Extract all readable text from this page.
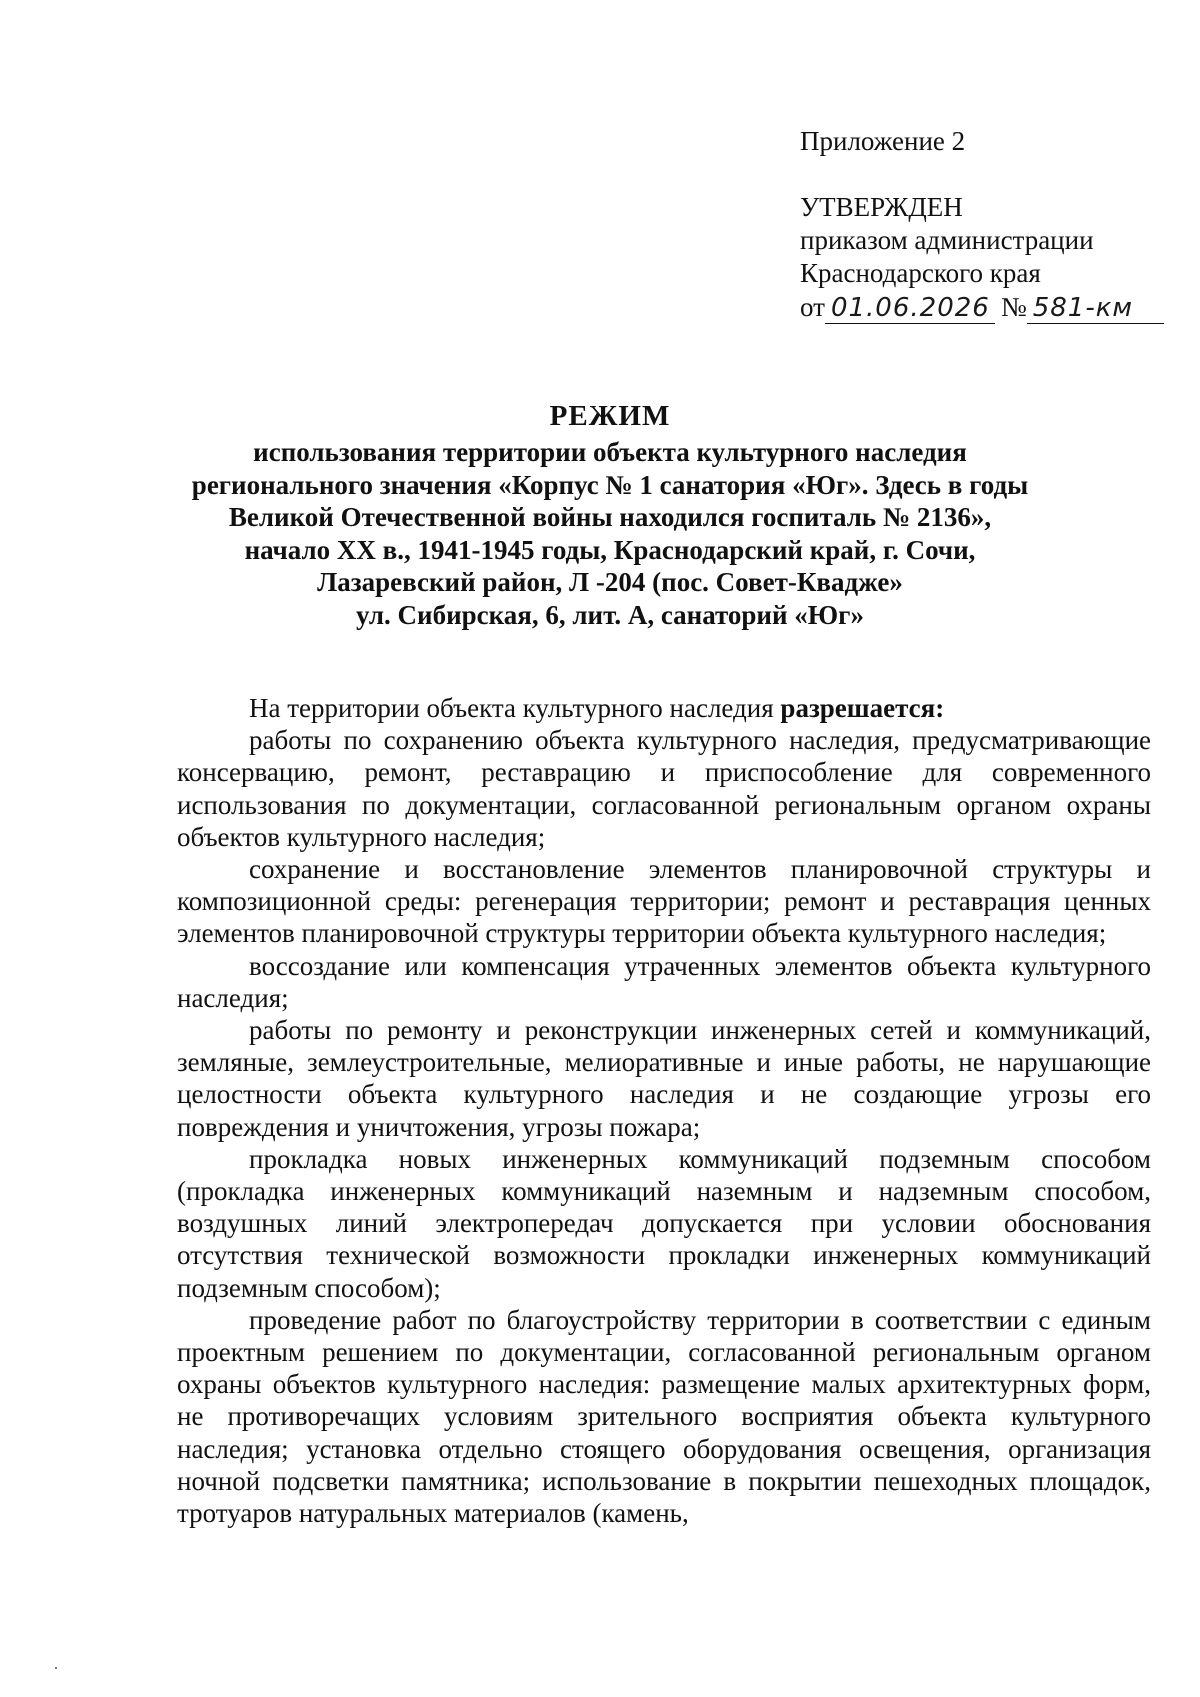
Приложение 2
УТВЕРЖДЕН
приказом администрации
Краснодарского края
от 01.06.2026 № 581-км
РЕЖИМ
использования территории объекта культурного наследия
регионального значения «Корпус № 1 санатория «Юг». Здесь в годы
Великой Отечественной войны находился госпиталь № 2136»,
начало XX в., 1941-1945 годы, Краснодарский край, г. Сочи,
Лазаревский район, Л -204 (пос. Совет-Квадже»
ул. Сибирская, 6, лит. А, санаторий «Юг»

На территории объекта культурного наследия разрешается:

работы по сохранению объекта культурного наследия, предусматривающие консервацию, ремонт, реставрацию и приспособление для современного использования по документации, согласованной региональным органом охраны объектов культурного наследия;

сохранение и восстановление элементов планировочной структуры и композиционной среды: регенерация территории; ремонт и реставрация ценных элементов планировочной структуры территории объекта культурного наследия;

воссоздание или компенсация утраченных элементов объекта культурного наследия;

работы по ремонту и реконструкции инженерных сетей и коммуникаций, земляные, землеустроительные, мелиоративные и иные работы, не нарушающие целостности объекта культурного наследия и не создающие угрозы его повреждения и уничтожения, угрозы пожара;

прокладка новых инженерных коммуникаций подземным способом (прокладка инженерных коммуникаций наземным и надземным способом, воздушных линий электропередач допускается при условии обоснования отсутствия технической возможности прокладки инженерных коммуникаций подземным способом);

проведение работ по благоустройству территории в соответствии с единым проектным решением по документации, согласованной региональным органом охраны объектов культурного наследия: размещение малых архитектурных форм, не противоречащих условиям зрительного восприятия объекта культурного наследия; установка отдельно стоящего оборудования освещения, организация ночной подсветки памятника; использование в покрытии пешеходных площадок, тротуаров натуральных материалов (камень,
